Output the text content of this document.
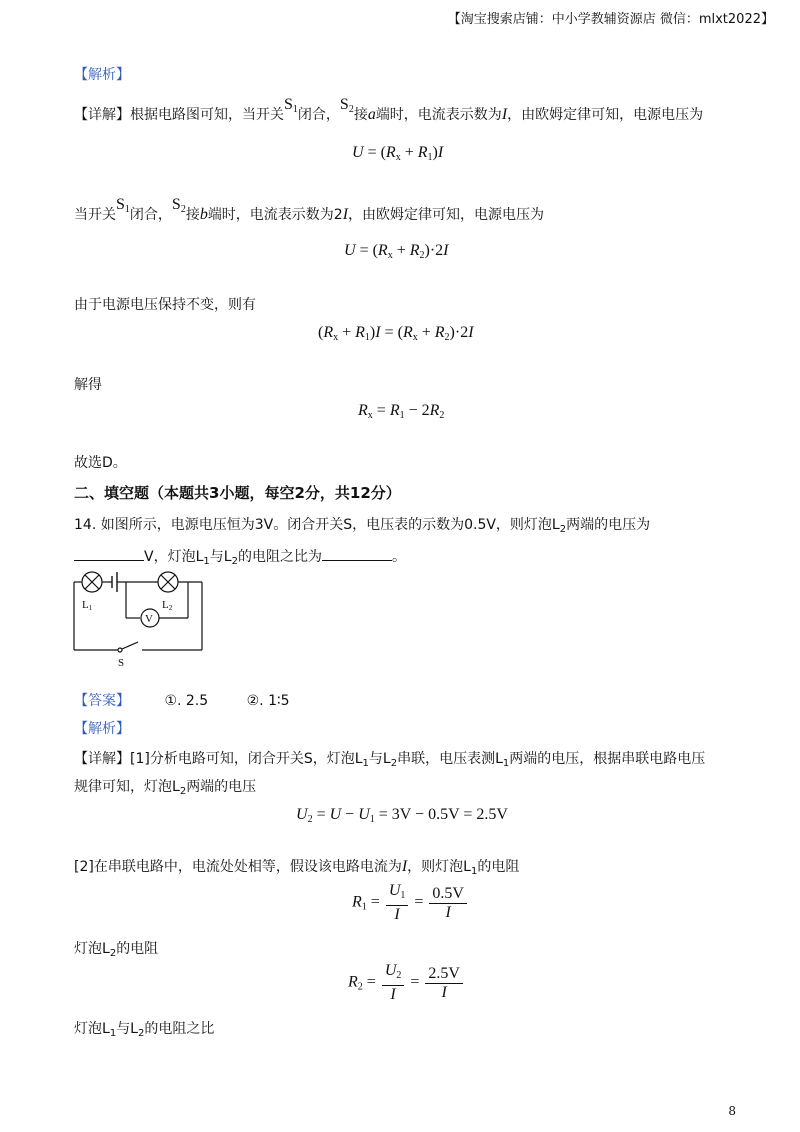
【淘宝搜索店铺：中小学教辅资源店 微信：mlxt2022】
【解析】
【详解】根据电路图可知，当开关$S_1$闭合，$S_2$接a端时，电流表示数为I，由欧姆定律可知，电源电压为
$U = (R_x + R_1)I$
当开关$S_1$闭合，$S_2$接b端时，电流表示数为2I，由欧姆定律可知，电源电压为
$U = (R_x + R_2)\cdot 2I$
由于电源电压保持不变，则有
$(R_x + R_1)I = (R_x + R_2)\cdot 2I$
解得
$R_x = R_1 - 2R_2$
故选D。
二、填空题（本题共3小题，每空2分，共12分）
14. 如图所示，电源电压恒为3V。闭合开关S，电压表的示数为0.5V，则灯泡$L_2$两端的电压为
V，灯泡$L_1$与$L_2$的电阻之比为	。
V
L1	L2
S
【答案】 ①. 2.5	②. 1∶5
【解析】
【详解】[1]分析电路可知，闭合开关S，灯泡$L_1$与$L_2$串联，电压表测$L_1$两端的电压，根据串联电路电压
规律可知，灯泡$L_2$两端的电压
$U_2 = U - U_1 = 3V - 0.5V = 2.5V$
[2]在串联电路中，电流处处相等，假设该电路电流为I，则灯泡$L_1$的电阻
$R_1 = \frac{U_1}{I} = \frac{0.5V}{I}$
灯泡$L_2$的电阻
$R_2 = \frac{U_2}{I} = \frac{2.5V}{I}$
灯泡$L_1$与$L_2$的电阻之比
8
